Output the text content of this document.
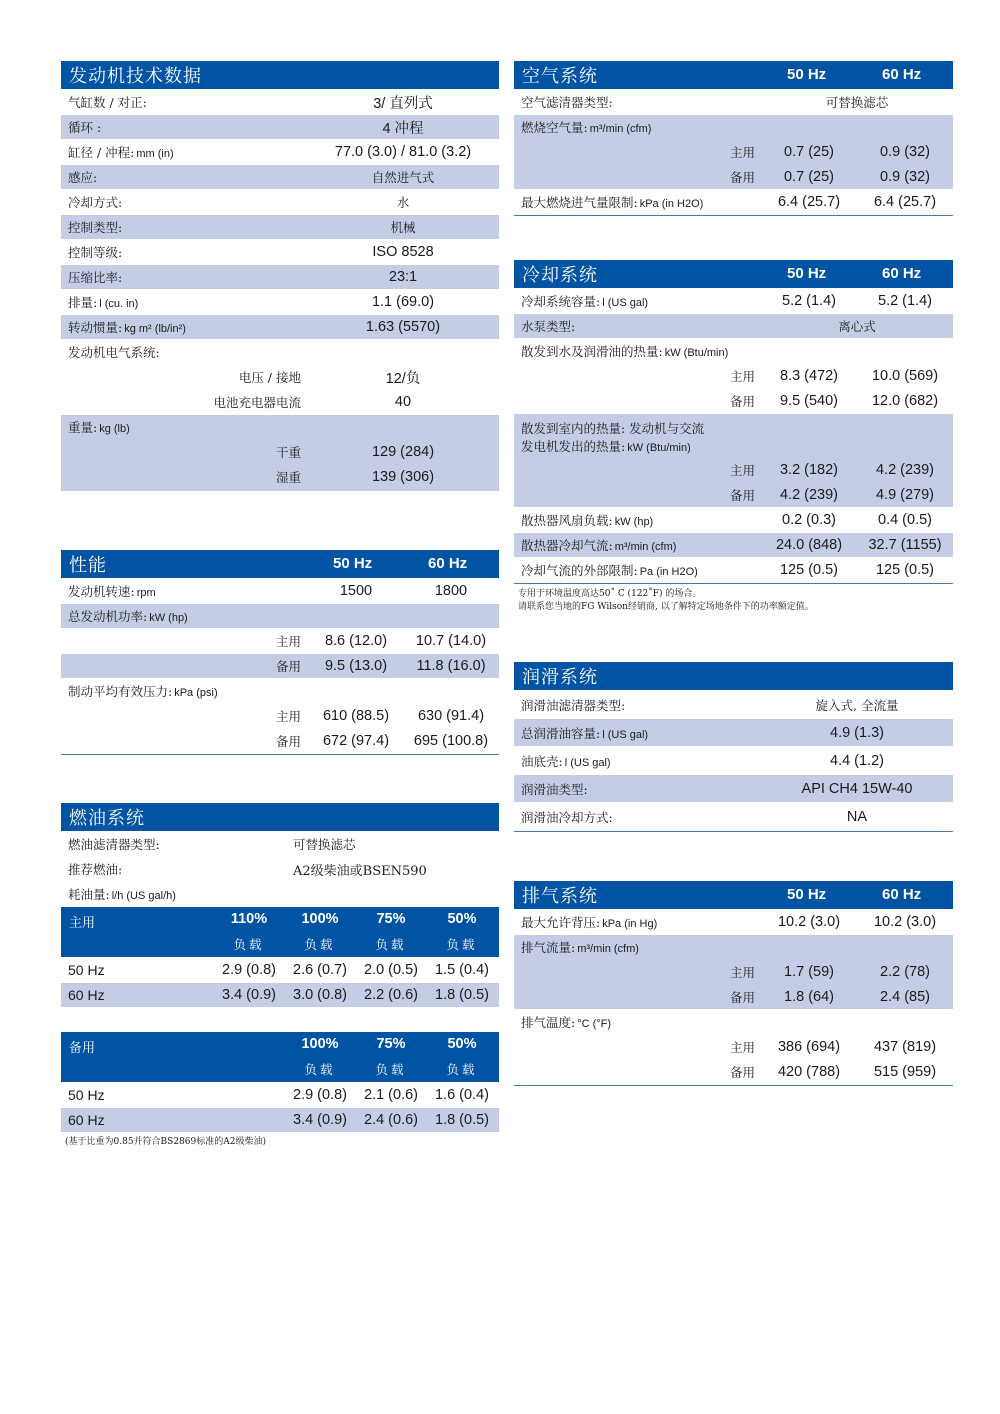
发动机技术数据
气缸数 / 对正:	3/ 直列式
循环 :	4 冲程
缸径 / 冲程: mm (in)	77.0 (3.0) / 81.0 (3.2)
感应:	自然进气式
冷却方式:	水
控制类型:	机械
控制等级:	ISO 8528
压缩比率:	23:1
排量: l (cu. in)	1.1 (69.0)
转动惯量: kg m² (lb/in²)	1.63 (5570)
发动机电气系统:
电压 / 接地	12/负
电池充电器电流	40
重量: kg (lb)
干重	129 (284)
湿重	139 (306)
性能	50 Hz	60 Hz
发动机转速: rpm	1500	1800
总发动机功率: kW (hp)
主用 8.6 (12.0) 10.7 (14.0)
备用 9.5 (13.0) 11.8 (16.0)
制动平均有效压力: kPa (psi)
主用 610 (88.5) 630 (91.4)
备用 672 (97.4) 695 (100.8)
燃油系统
燃油滤清器类型:	可替换滤芯
推荐燃油:	A2级柴油或BSEN590
耗油量: l/h (US gal/h)
主用	110% 100%	75%	50%
负载	负载	负载	负载
50 Hz	2.9 (0.8) 2.6 (0.7) 2.0 (0.5) 1.5 (0.4)
60 Hz	3.4 (0.9) 3.0 (0.8) 2.2 (0.6) 1.8 (0.5)
备用	100%	75%	50%
负载	负载	负载
50 Hz	2.9 (0.8) 2.1 (0.6) 1.6 (0.4)
60 Hz	3.4 (0.9) 2.4 (0.6) 1.8 (0.5)
(基于比重为0.85并符合BS2869标准的A2级柴油)
空气系统	50 Hz	60 Hz
空气滤清器类型:	可替换滤芯
燃烧空气量: m³/min (cfm)
主用 0.7 (25)	0.9 (32)
备用 0.7 (25)	0.9 (32)
最大燃烧进气量限制: kPa (in H2O)	6.4 (25.7) 6.4 (25.7)
冷却系统	50 Hz	60 Hz
冷却系统容量: l (US gal)	5.2 (1.4)	5.2 (1.4)
水泵类型:	离心式
散发到水及润滑油的热量: kW (Btu/min)
主用 8.3 (472) 10.0 (569)
备用 9.5 (540) 12.0 (682)
散发到室内的热量: 发动机与交流
发电机发出的热量: kW (Btu/min)
主用 3.2 (182)	4.2 (239)
备用 4.2 (239)	4.9 (279)
散热器风扇负载: kW (hp)	0.2 (0.3)	0.4 (0.5)
散热器冷却气流: m³/min (cfm)	24.0 (848) 32.7 (1155)
冷却气流的外部限制: Pa (in H2O)	125 (0.5)	125 (0.5)
专用于环境温度高达50˚ C (122˚F) 的场合。
请联系您当地的FG Wilson经销商, 以了解特定场地条件下的功率额定值。
润滑系统
润滑油滤清器类型:	旋入式, 全流量
总润滑油容量: l (US gal)	4.9 (1.3)
油底壳: l (US gal)	4.4 (1.2)
润滑油类型:	API CH4 15W-40
润滑油冷却方式:	NA
排气系统	50 Hz	60 Hz
最大允许背压: kPa (in Hg)	10.2 (3.0) 10.2 (3.0)
排气流量: m³/min (cfm)
主用 1.7 (59)	2.2 (78)
备用 1.8 (64)	2.4 (85)
排气温度: °C (°F)
主用 386 (694) 437 (819)
备用 420 (788) 515 (959)
